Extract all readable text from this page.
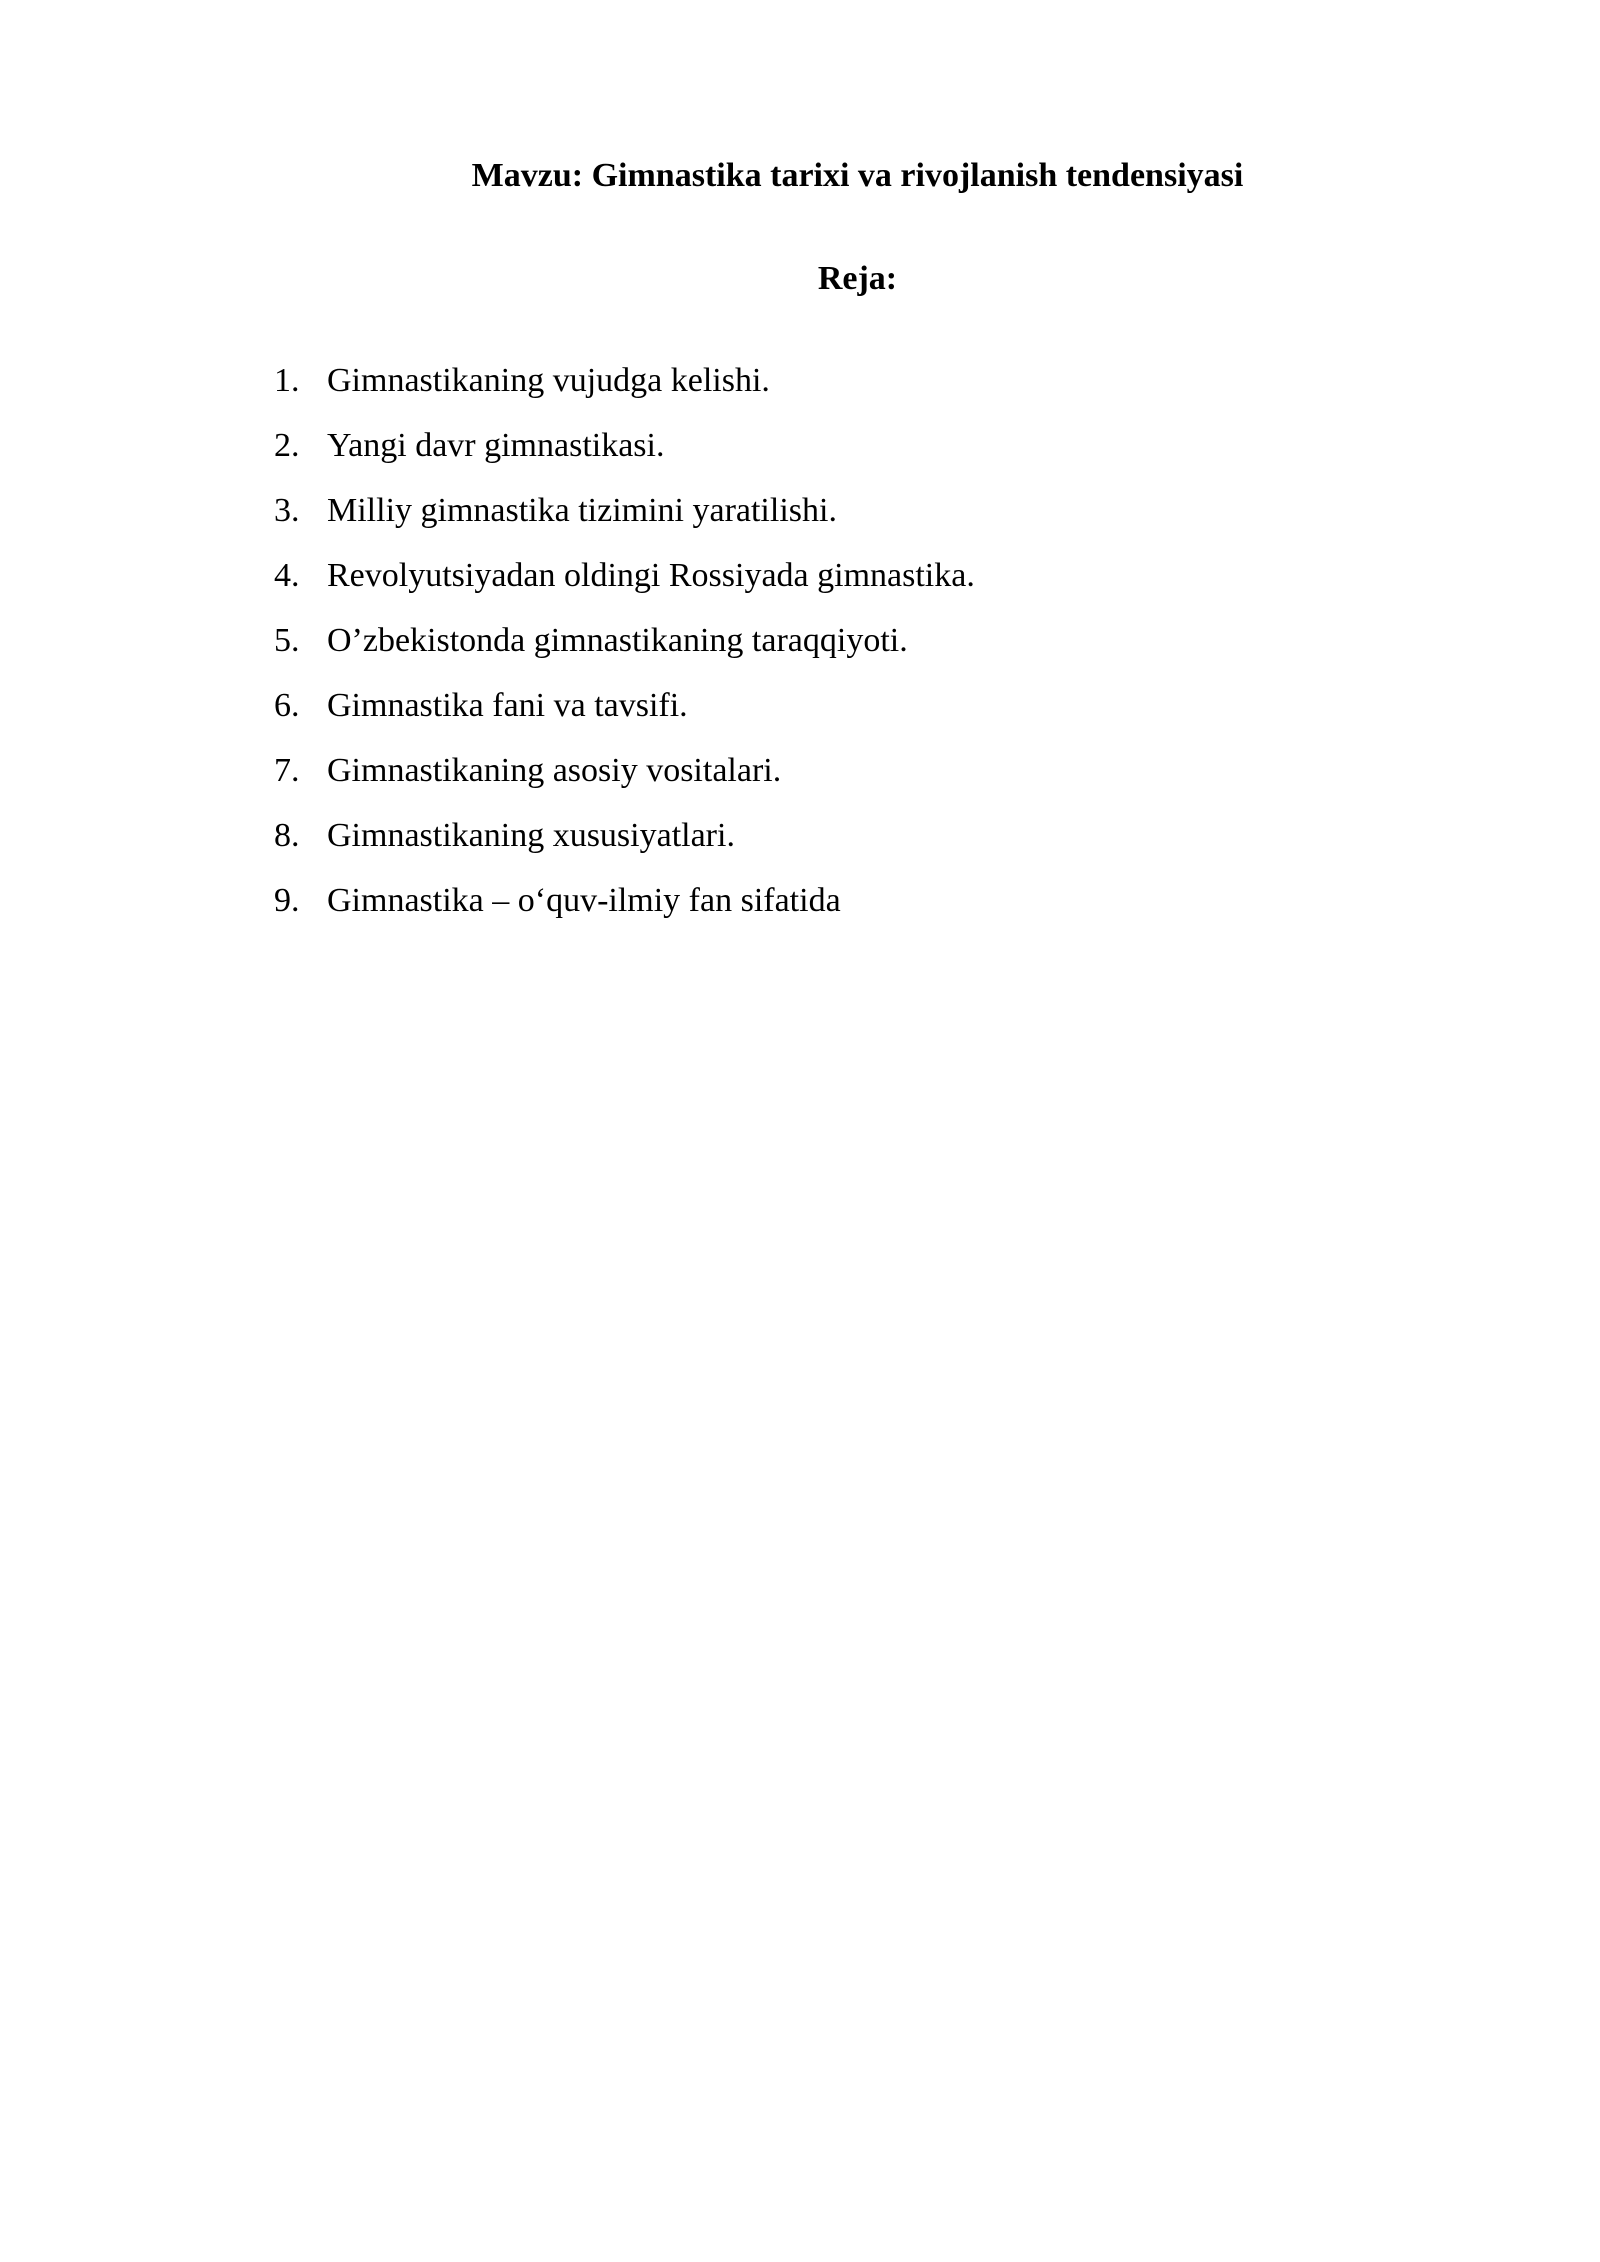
Mavzu: Gimnastika tarixi va rivojlanish tendensiyasi
Reja:
1. Gimnastikaning vujudga kelishi.
2. Yangi davr gimnastikasi.
3. Milliy gimnastika tizimini yaratilishi.
4. Revolyutsiyadan oldingi Rossiyada gimnastika.
5. O’zbekistonda gimnastikaning taraqqiyoti.
6. Gimnastika fani va tavsifi.
7. Gimnastikaning asosiy vositalari.
8. Gimnastikaning xususiyatlari.
9. Gimnastika – o‘quv-ilmiy fan sifatida
